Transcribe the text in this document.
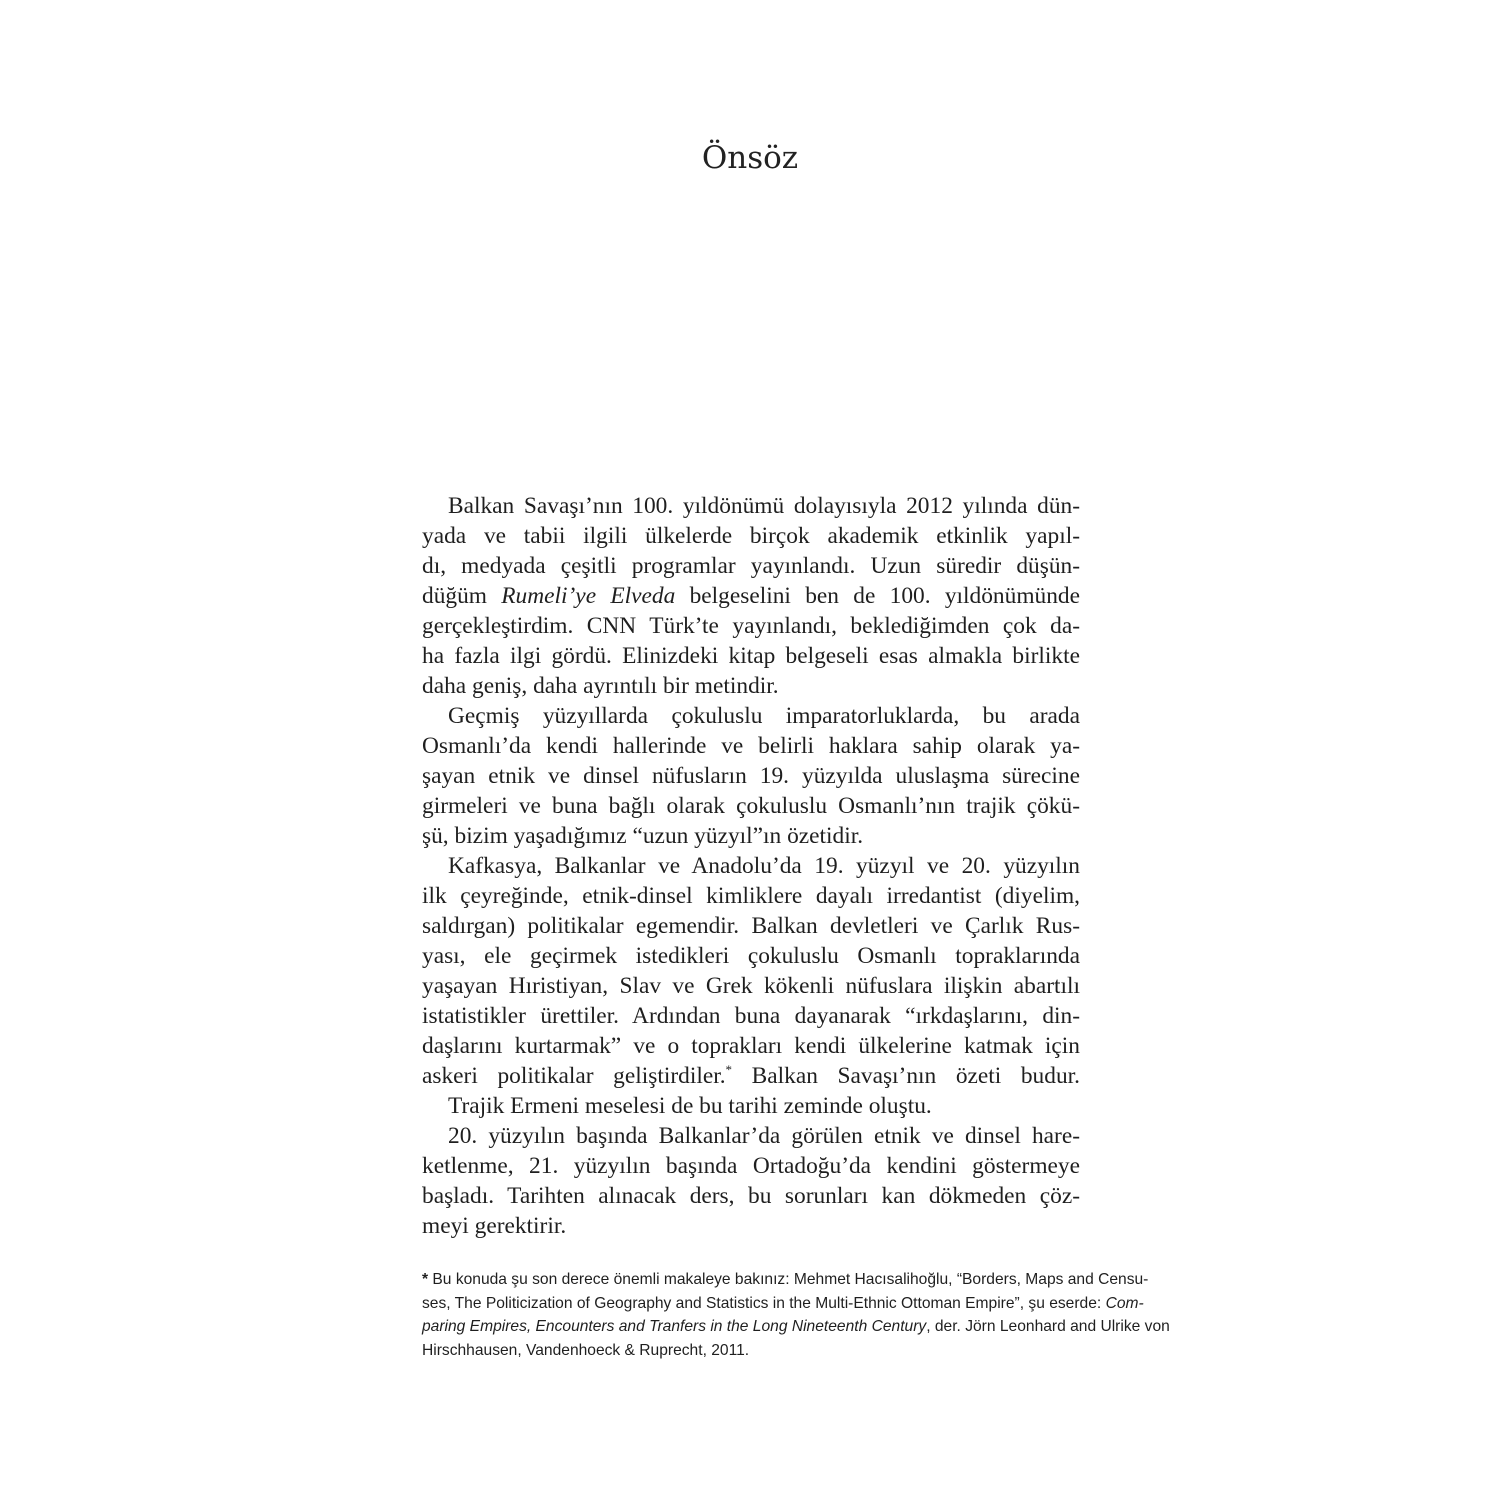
Önsöz
Balkan Savaşı’nın 100. yıldönümü dolayısıyla 2012 yılında dün-
yada ve tabii ilgili ülkelerde birçok akademik etkinlik yapıl-
dı, medyada çeşitli programlar yayınlandı. Uzun süredir düşün-
düğüm Rumeli’ye Elveda belgeselini ben de 100. yıldönümünde
gerçekleştirdim. CNN Türk’te yayınlandı, beklediğimden çok da-
ha fazla ilgi gördü. Elinizdeki kitap belgeseli esas almakla birlikte
daha geniş, daha ayrıntılı bir metindir.
Geçmiş yüzyıllarda çokuluslu imparatorluklarda, bu arada
Osmanlı’da kendi hallerinde ve belirli haklara sahip olarak ya-
şayan etnik ve dinsel nüfusların 19. yüzyılda uluslaşma sürecine
girmeleri ve buna bağlı olarak çokuluslu Osmanlı’nın trajik çökü-
şü, bizim yaşadığımız “uzun yüzyıl”ın özetidir.
Kafkasya, Balkanlar ve Anadolu’da 19. yüzyıl ve 20. yüzyılın
ilk çeyreğinde, etnik-dinsel kimliklere dayalı irredantist (diyelim,
saldırgan) politikalar egemendir. Balkan devletleri ve Çarlık Rus-
yası, ele geçirmek istedikleri çokuluslu Osmanlı topraklarında
yaşayan Hıristiyan, Slav ve Grek kökenli nüfuslara ilişkin abartılı
istatistikler ürettiler. Ardından buna dayanarak “ırkdaşlarını, din-
daşlarını kurtarmak” ve o toprakları kendi ülkelerine katmak için
askeri politikalar geliştirdiler.* Balkan Savaşı’nın özeti budur.
Trajik Ermeni meselesi de bu tarihi zeminde oluştu.
20. yüzyılın başında Balkanlar’da görülen etnik ve dinsel hare-
ketlenme, 21. yüzyılın başında Ortadoğu’da kendini göstermeye
başladı. Tarihten alınacak ders, bu sorunları kan dökmeden çöz-
meyi gerektirir.
* Bu konuda şu son derece önemli makaleye bakınız: Mehmet Hacısalihoğlu, “Borders, Maps and Censu-
ses, The Politicization of Geography and Statistics in the Multi-Ethnic Ottoman Empire”, şu eserde: Com-
paring Empires, Encounters and Tranfers in the Long Nineteenth Century, der. Jörn Leonhard and Ulrike von
Hirschhausen, Vandenhoeck & Ruprecht, 2011.
